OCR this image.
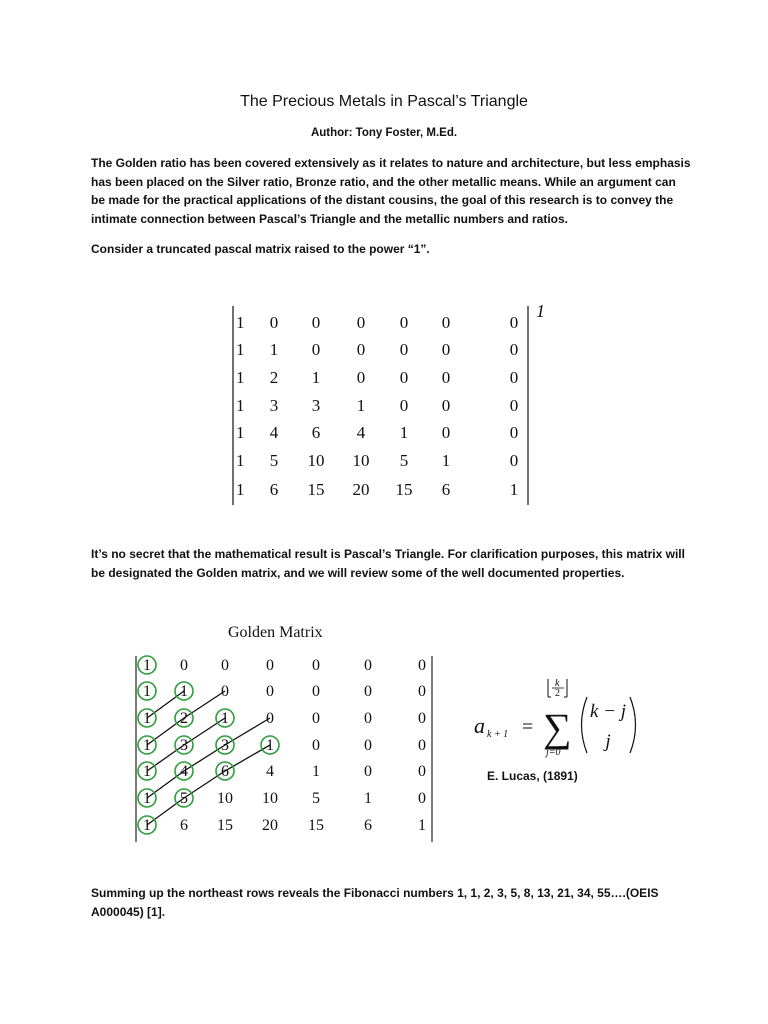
The Precious Metals in Pascal’s Triangle
Author: Tony Foster, M.Ed.
The Golden ratio has been covered extensively as it relates to nature and architecture, but less emphasis has been placed on the Silver ratio, Bronze ratio, and the other metallic means. While an argument can be made for the practical applications of the distant cousins, the goal of this research is to convey the intimate connection between Pascal’s Triangle and the metallic numbers and ratios.
Consider a truncated pascal matrix raised to the power “1”.
1 0 0 0 0 0	0
1 1 0 0 0 0	0
1 2 1 0 0 0	0
1 3 3 1 0 0	0
1 4 6 4 1 0	0
1 5 10 10 5 1	0
1 6 15 20 15 6	1
1
It’s no secret that the mathematical result is Pascal’s Triangle. For clarification purposes, this matrix will be designated the Golden matrix, and we will review some of the well documented properties.
Golden Matrix
1 0 0 0 0	0	0
1 1 0 0 0	0	0
1 2 1 0 0	0	0
1 3 3 1 0	0	0
1 4 6 4 1	0	0
1 5 10 10 5	1	0
1 6 15 20 15	6	1
a k + 1 =
k
2
∑
j=0
k − j
j
E. Lucas, (1891)
Summing up the northeast rows reveals the Fibonacci numbers 1, 1, 2, 3, 5, 8, 13, 21, 34, 55….(OEIS A000045) [1].
